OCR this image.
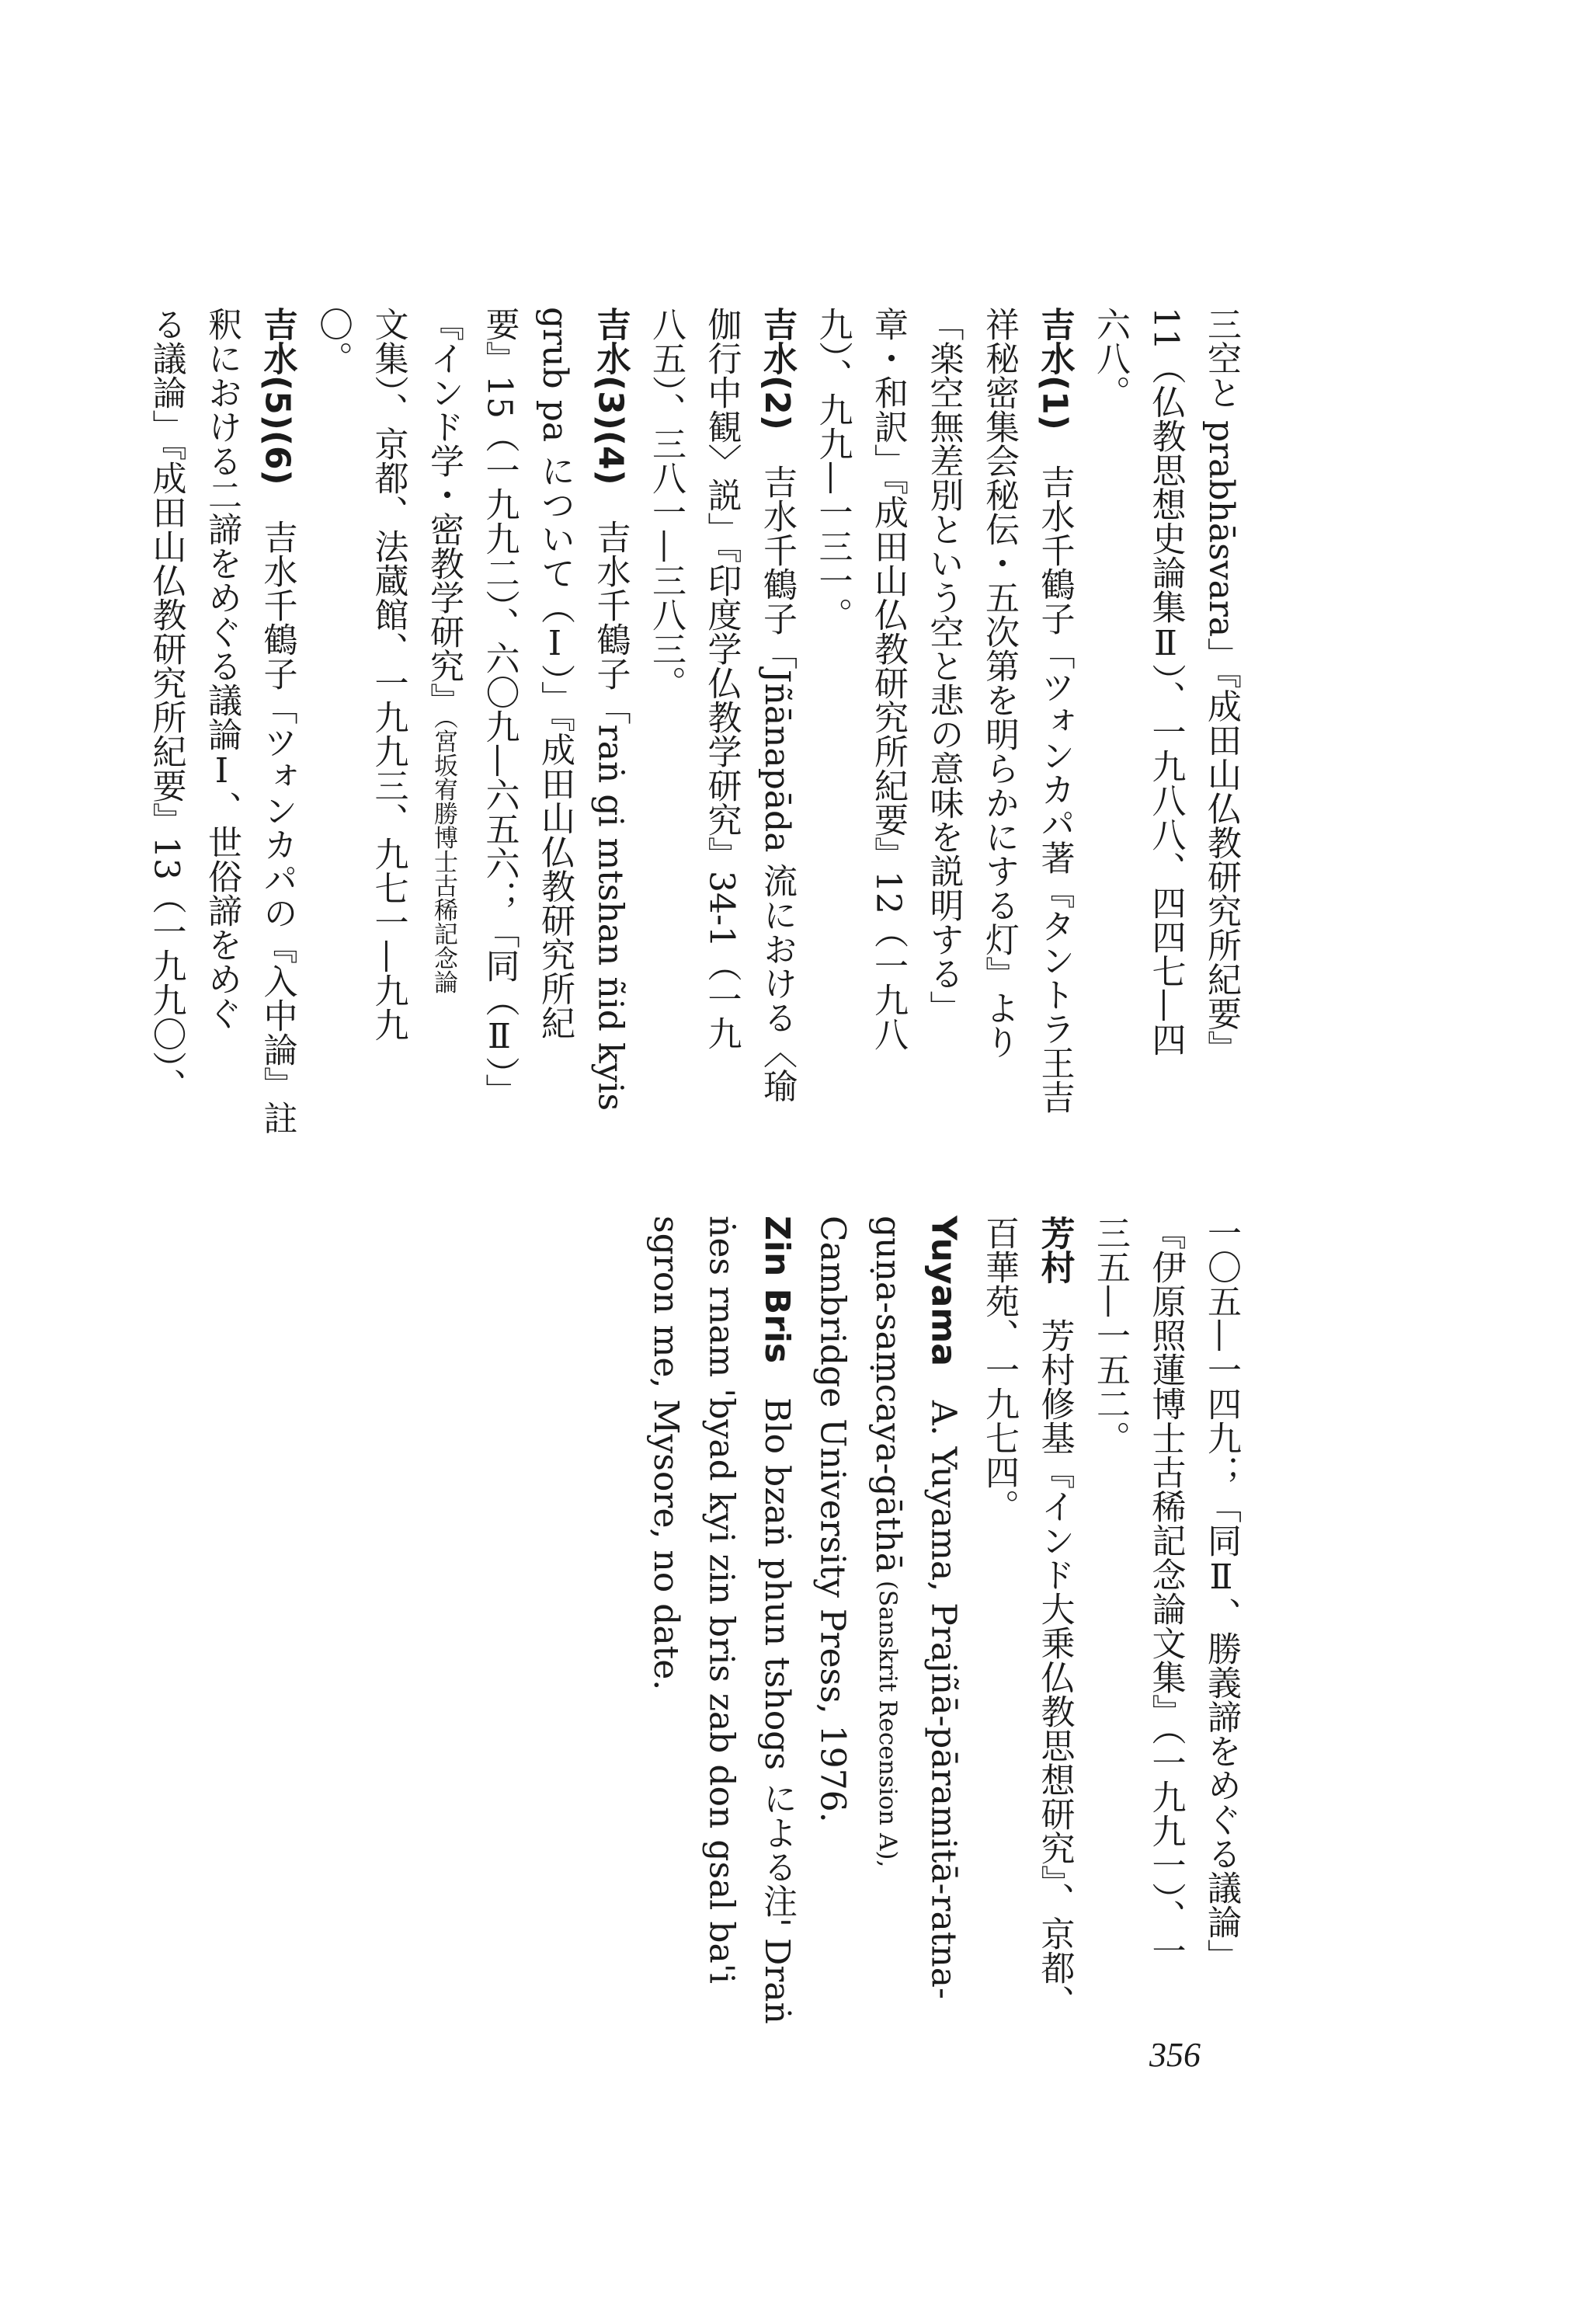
三空と prabhāsvara」『成田山仏教研究所紀要』
11（仏教思想史論集Ⅱ）、一九八八、四四七—四
六八。
吉水(1)　吉水千鶴子「ツォンカパ著『タントラ王吉
祥秘密集会秘伝・五次第を明らかにする灯』より
「楽空無差別という空と悲の意味を説明する」
章・和訳」『成田山仏教研究所紀要』12（一九八
九）、九九—一三一。
吉水(2)　吉水千鶴子「Jñānapāda 流における〈瑜
伽行中観〉説」『印度学仏教学研究』34-1（一九
八五）、三八一—三八三。
吉水(3)(4)　吉水千鶴子「raṅ gi mtshan ñid kyis
grub pa について（Ⅰ）」『成田山仏教研究所紀
要』15（一九九二）、六〇九—六五六；「同（Ⅱ）」
『インド学・密教学研究』（宮坂宥勝博士古稀記念論
文集）、京都、法蔵館、一九九三、九七一—九九
〇。
吉水(5)(6)　吉水千鶴子「ツォンカパの『入中論』註
釈における二諦をめぐる議論Ⅰ、世俗諦をめぐ
る議論」『成田山仏教研究所紀要』13（一九九〇）、
一〇五—一四九；「同Ⅱ、勝義諦をめぐる議論」
『伊原照蓮博士古稀記念論文集』（一九九一）、一
三五—一五二。
芳村　芳村修基『インド大乗仏教思想研究』、京都、
百華苑、一九七四。
Yuyama　A. Yuyama, Prajñā-pāramitā-ratna-
guṇa-saṃcaya-gāthā (Sanskrit Recension A),
Cambridge University Press, 1976.
Zin Bris　Blo bzaṅ phun tshogs による注' Draṅ
ṅes rnam 'byad kyi zin bris zab don gsal ba'i
sgron me, Mysore, no date.
356
